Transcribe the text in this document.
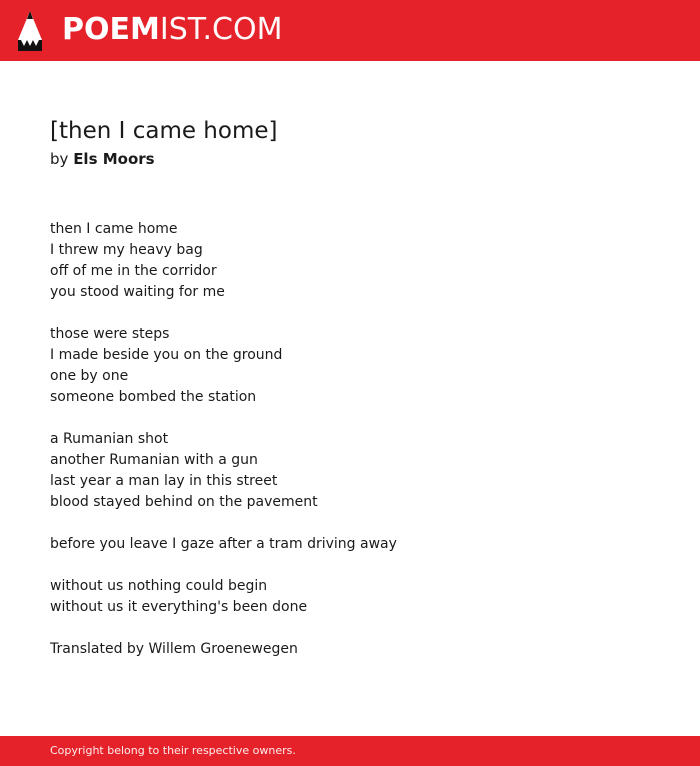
POEMIST.COM
[then I came home]
by Els Moors
then I came home
I threw my heavy bag
off of me in the corridor
you stood waiting for me
those were steps
I made beside you on the ground
one by one
someone bombed the station
a Rumanian shot
another Rumanian with a gun
last year a man lay in this street
blood stayed behind on the pavement
before you leave I gaze after a tram driving away
without us nothing could begin
without us it everything's been done
Translated by Willem Groenewegen
Copyright belong to their respective owners.
